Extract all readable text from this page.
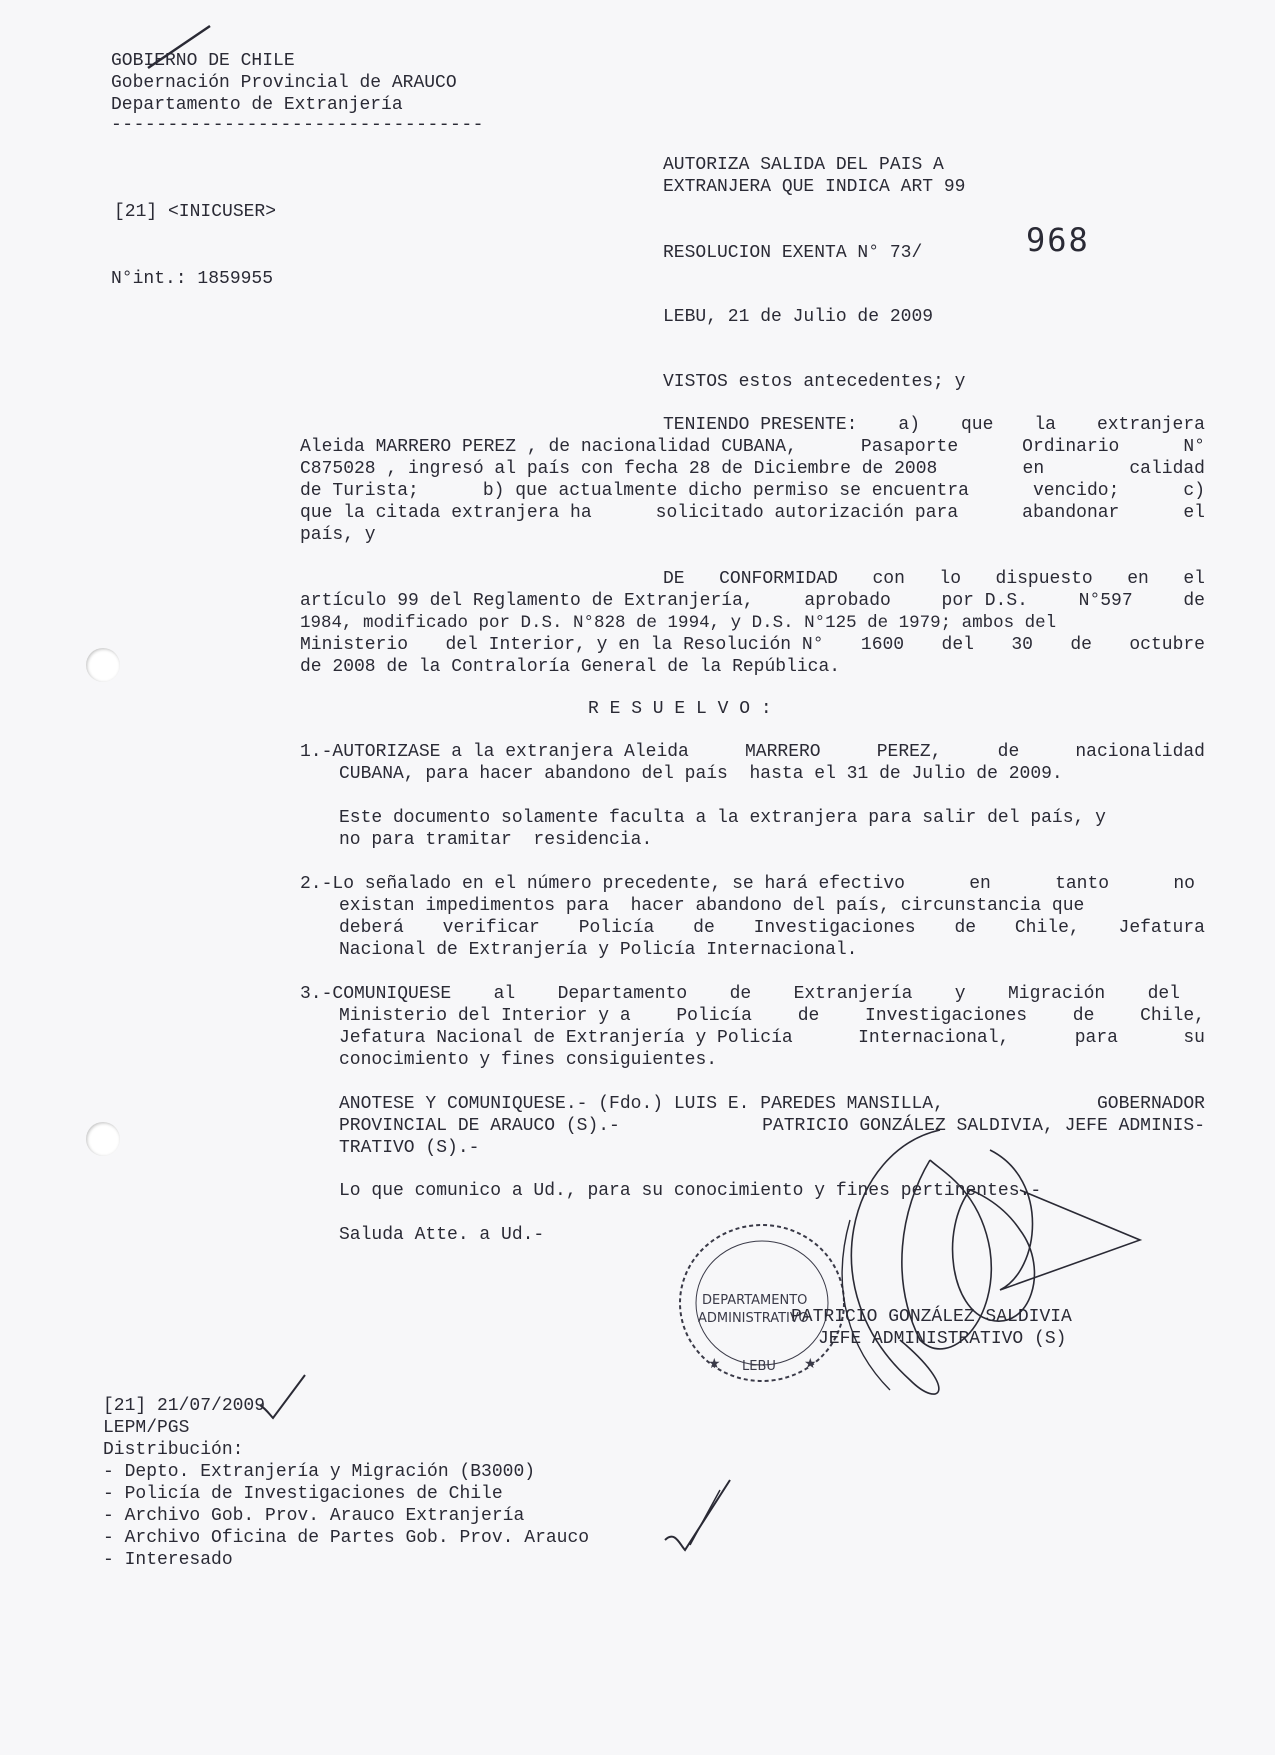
GOBIERNO DE CHILE
Gobernación Provincial de ARAUCO
Departamento de Extranjería
---------------------------------
[21] <INICUSER>
N°int.: 1859955
AUTORIZA SALIDA DEL PAIS A
EXTRANJERA QUE INDICA ART 99
RESOLUCION EXENTA N° 73/	968
LEBU, 21 de Julio de 2009
VISTOS estos antecedentes; y
TENIENDO PRESENTE: a) que la extranjera
Aleida MARRERO PEREZ , de nacionalidad CUBANA,	Pasaporte	Ordinario	N°
C875028 , ingresó al país con fecha 28 de Diciembre de 2008	en	calidad
de Turista;	b) que actualmente dicho permiso se encuentra	vencido;	c)
que la citada extranjera ha	solicitado autorización para	abandonar	el
país, y
DE CONFORMIDAD con lo dispuesto en el
artículo 99 del Reglamento de Extranjería,	aprobado	por D.S.	N°597	de
1984, modificado por D.S. N°828 de 1994, y D.S. N°125 de 1979; ambos del
Ministerio del Interior, y en la Resolución N° 1600 del 30 de octubre
de 2008 de la Contraloría General de la República.
R E S U E L V O :
1.-AUTORIZASE a la extranjera Aleida	MARRERO	PEREZ,	de	nacionalidad
CUBANA, para hacer abandono del país  hasta el 31 de Julio de 2009.
Este documento solamente faculta a la extranjera para salir del país, y
no para tramitar  residencia.
2.-Lo señalado en el número precedente, se hará efectivo	en	tanto	no
existan impedimentos para  hacer abandono del país, circunstancia que
deberá verificar Policía de Investigaciones de Chile, Jefatura
Nacional de Extranjería y Policía Internacional.
3.-COMUNIQUESE al Departamento de Extranjería y Migración del
Ministerio del Interior y a	Policía	de	Investigaciones	de	Chile,
Jefatura Nacional de Extranjería y Policía	Internacional,	para	su
conocimiento y fines consiguientes.
ANOTESE Y COMUNIQUESE.- (Fdo.) LUIS E. PAREDES MANSILLA,	GOBERNADOR
PROVINCIAL DE ARAUCO (S).-	PATRICIO GONZÁLEZ SALDIVIA, JEFE ADMINIS-
TRATIVO (S).-
Lo que comunico a Ud., para su conocimiento y fines pertinentes.-
Saluda Atte. a Ud.-
★	★
DEPARTAMENTO
ADMINISTRATIVO
LEBU
PATRICIO GONZÁLEZ SALDIVIA
JEFE ADMINISTRATIVO (S)
[21] 21/07/2009
LEPM/PGS
Distribución:
- Depto. Extranjería y Migración (B3000)
- Policía de Investigaciones de Chile
- Archivo Gob. Prov. Arauco Extranjería
- Archivo Oficina de Partes Gob. Prov. Arauco
- Interesado
